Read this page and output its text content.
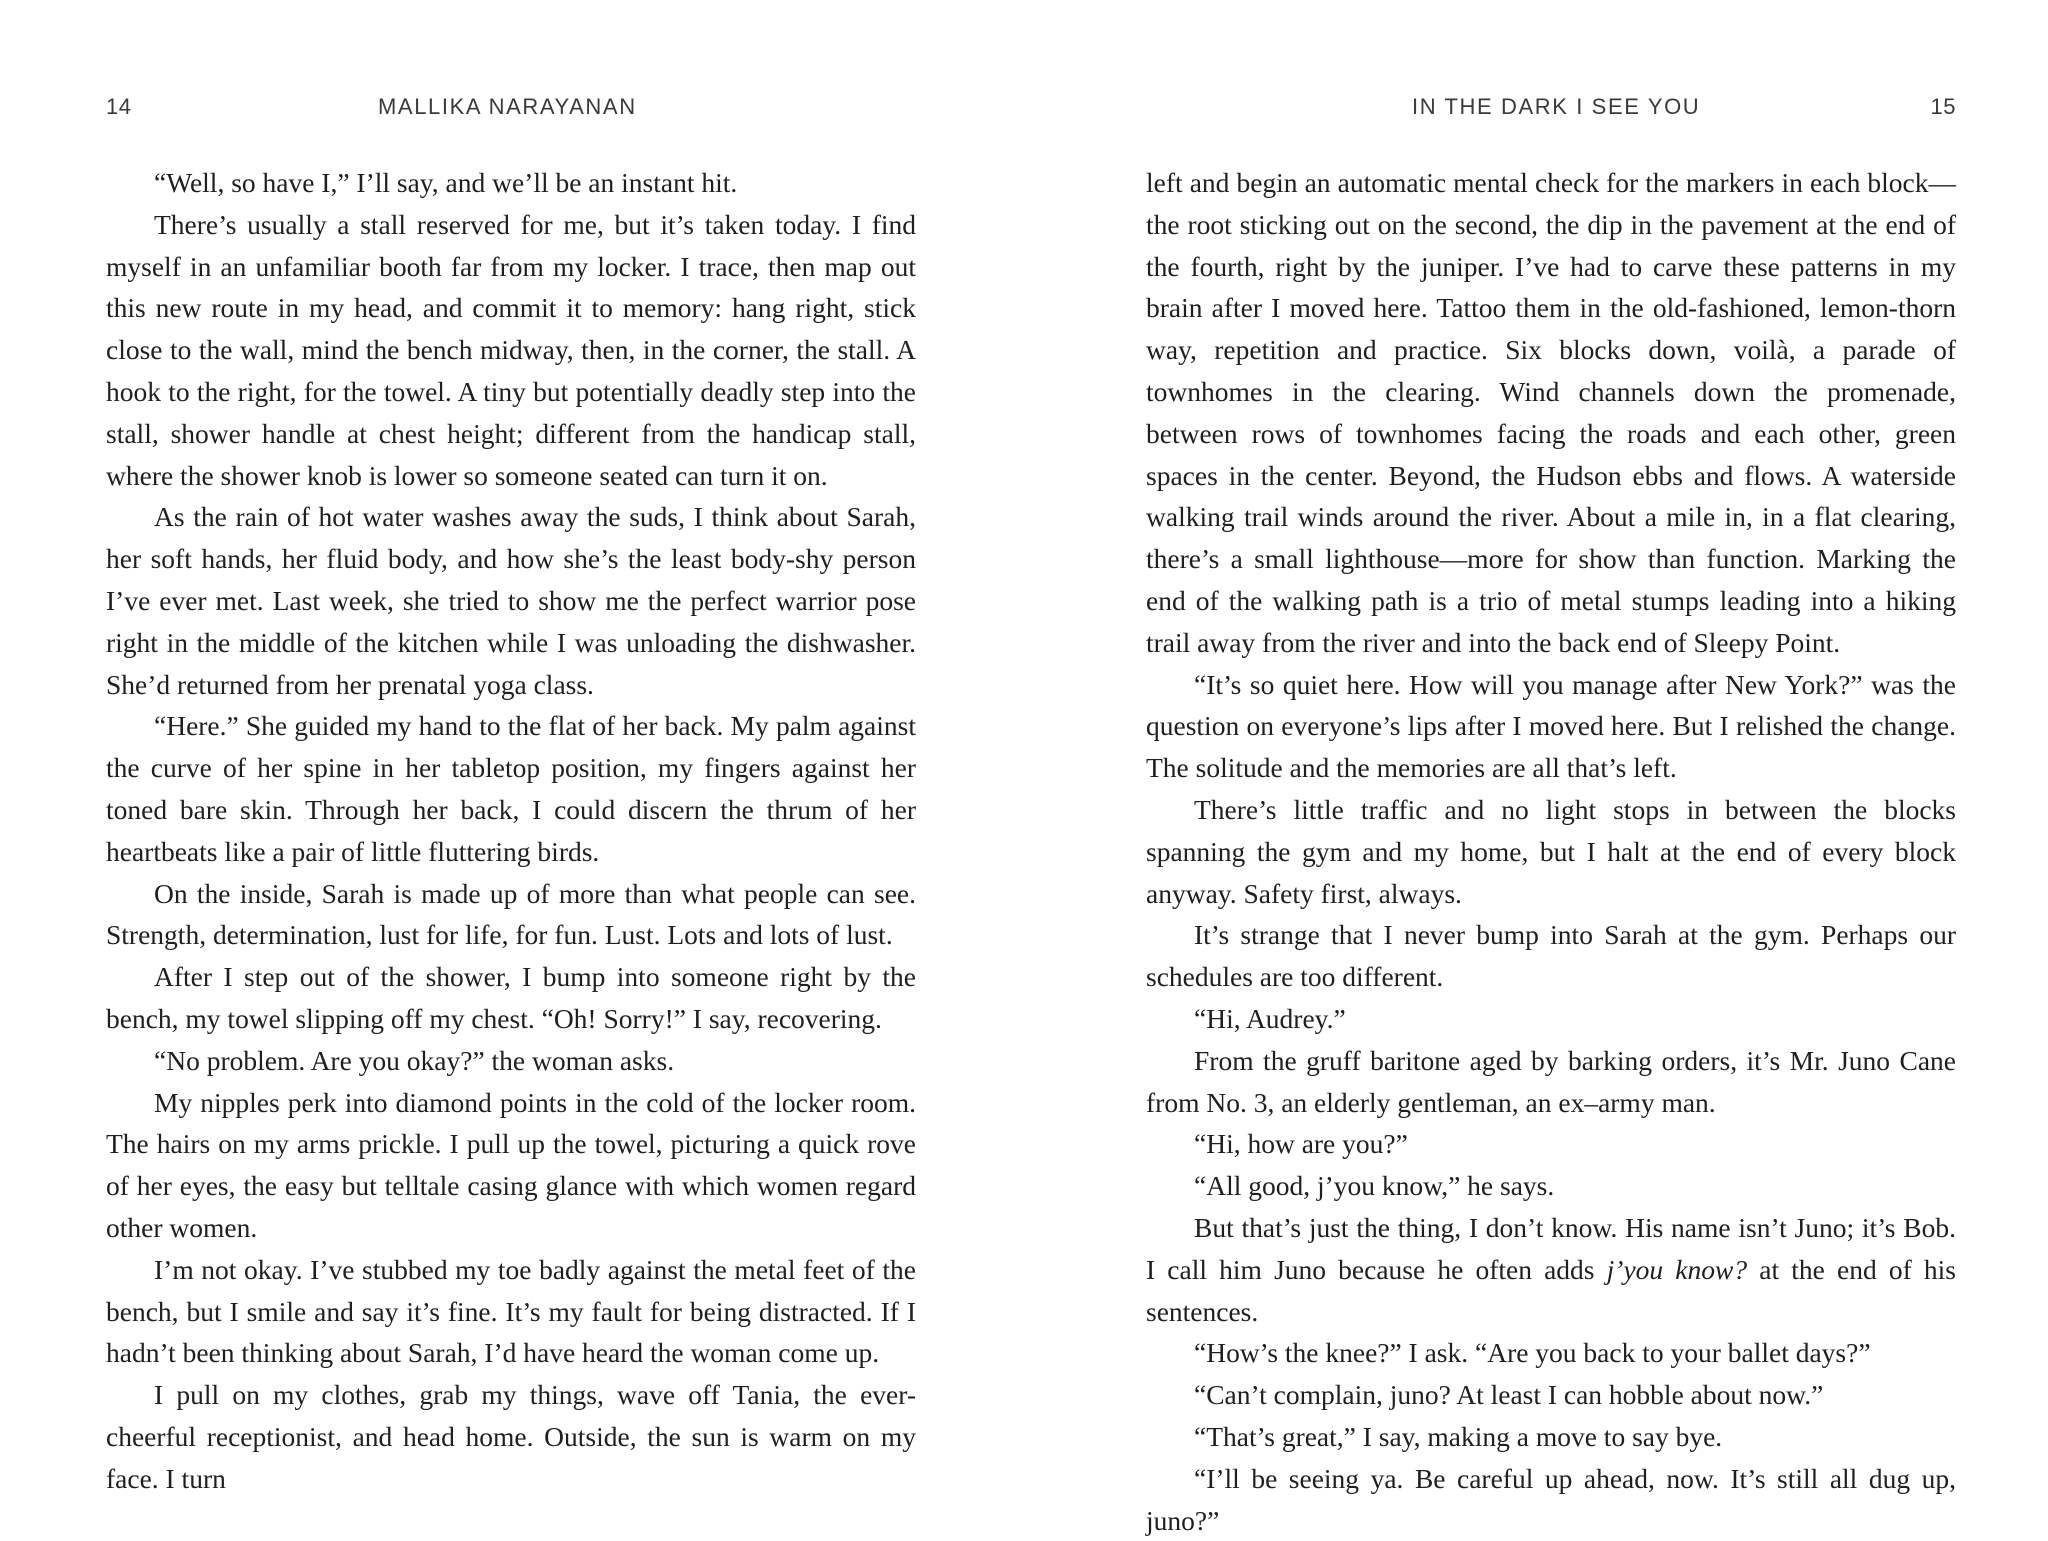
14	MALLIKA NARAYANAN

“Well, so have I,” I’ll say, and we’ll be an instant hit.

There’s usually a stall reserved for me, but it’s taken today. I find myself in an unfamiliar booth far from my locker. I trace, then map out this new route in my head, and commit it to memory: hang right, stick close to the wall, mind the bench midway, then, in the corner, the stall. A hook to the right, for the towel. A tiny but potentially deadly step into the stall, shower handle at chest height; different from the handicap stall, where the shower knob is lower so someone seated can turn it on.

As the rain of hot water washes away the suds, I think about Sarah, her soft hands, her fluid body, and how she’s the least body-shy person I’ve ever met. Last week, she tried to show me the perfect warrior pose right in the middle of the kitchen while I was unloading the dishwasher. She’d returned from her prenatal yoga class.

“Here.” She guided my hand to the flat of her back. My palm against the curve of her spine in her tabletop position, my fingers against her toned bare skin. Through her back, I could discern the thrum of her heartbeats like a pair of little fluttering birds.

On the inside, Sarah is made up of more than what people can see. Strength, determination, lust for life, for fun. Lust. Lots and lots of lust.

After I step out of the shower, I bump into someone right by the bench, my towel slipping off my chest. “Oh! Sorry!” I say, recovering.

“No problem. Are you okay?” the woman asks.

My nipples perk into diamond points in the cold of the locker room. The hairs on my arms prickle. I pull up the towel, picturing a quick rove of her eyes, the easy but telltale casing glance with which women regard other women.

I’m not okay. I’ve stubbed my toe badly against the metal feet of the bench, but I smile and say it’s fine. It’s my fault for being distracted. If I hadn’t been thinking about Sarah, I’d have heard the woman come up.

I pull on my clothes, grab my things, wave off Tania, the ever-cheerful receptionist, and head home. Outside, the sun is warm on my face. I turn

IN THE DARK I SEE YOU	15

left and begin an automatic mental check for the markers in each block— the root sticking out on the second, the dip in the pavement at the end of the fourth, right by the juniper. I’ve had to carve these patterns in my brain after I moved here. Tattoo them in the old-fashioned, lemon-thorn way, repetition and practice. Six blocks down, voilà, a parade of townhomes in the clearing. Wind channels down the promenade, between rows of townhomes facing the roads and each other, green spaces in the center. Beyond, the Hudson ebbs and flows. A waterside walking trail winds around the river. About a mile in, in a flat clearing, there’s a small lighthouse—more for show than function. Marking the end of the walking path is a trio of metal stumps leading into a hiking trail away from the river and into the back end of Sleepy Point.

“It’s so quiet here. How will you manage after New York?” was the question on everyone’s lips after I moved here. But I relished the change. The solitude and the memories are all that’s left.

There’s little traffic and no light stops in between the blocks spanning the gym and my home, but I halt at the end of every block anyway. Safety first, always.

It’s strange that I never bump into Sarah at the gym. Perhaps our schedules are too different.

“Hi, Audrey.”

From the gruff baritone aged by barking orders, it’s Mr. Juno Cane from No. 3, an elderly gentleman, an ex–army man.

“Hi, how are you?”

“All good, j’you know,” he says.

But that’s just the thing, I don’t know. His name isn’t Juno; it’s Bob. I call him Juno because he often adds j’you know? at the end of his sentences.

“How’s the knee?” I ask. “Are you back to your ballet days?”

“Can’t complain, juno? At least I can hobble about now.”

“That’s great,” I say, making a move to say bye.

“I’ll be seeing ya. Be careful up ahead, now. It’s still all dug up, juno?”
